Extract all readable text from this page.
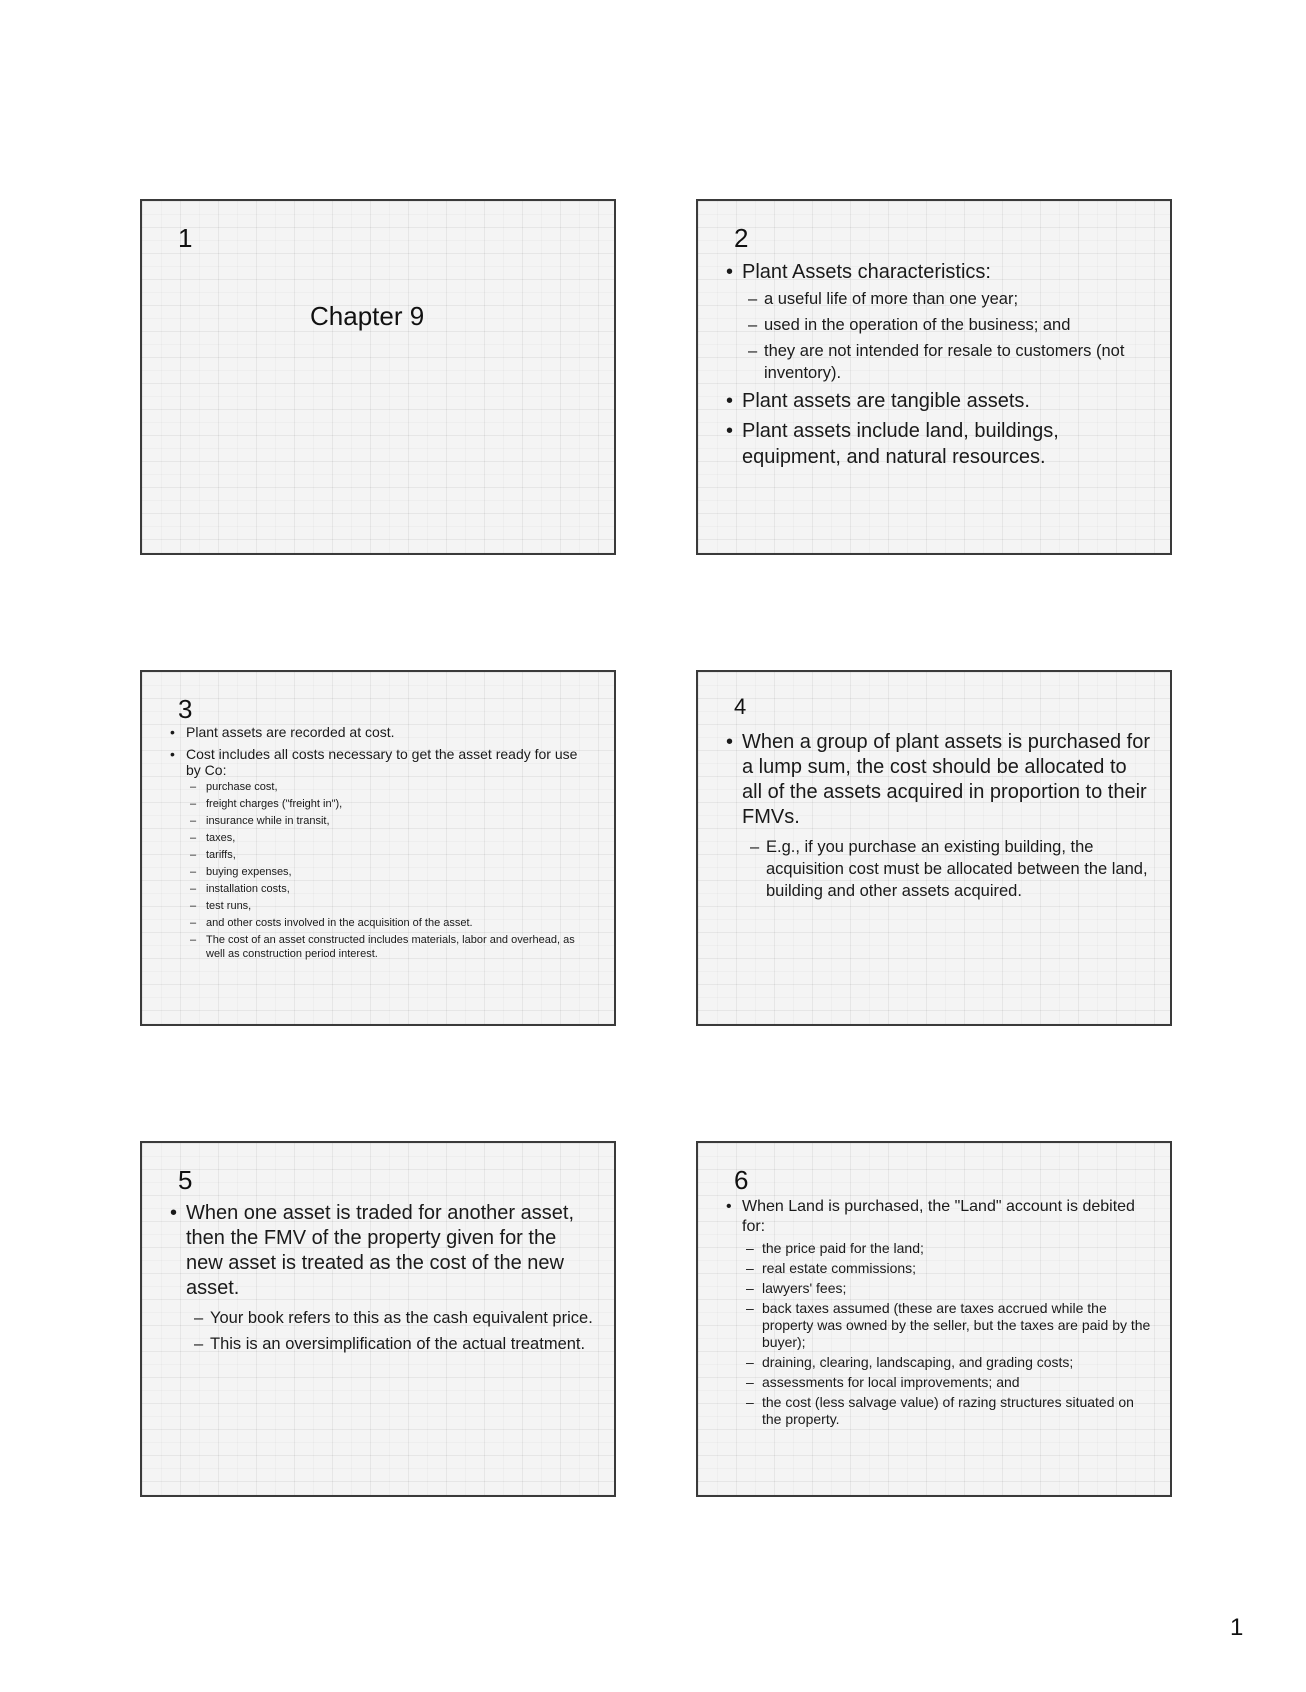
1
Chapter 9
2
• Plant Assets characteristics:
– a useful life of more than one year;
– used in the operation of the business; and
– they are not intended for resale to customers (not inventory).
• Plant assets are tangible assets.
• Plant assets include land, buildings, equipment, and natural resources.
3
• Plant assets are recorded at cost.
• Cost includes all costs necessary to get the asset ready for use by Co:
– purchase cost,
– freight charges ("freight in"),
– insurance while in transit,
– taxes,
– tariffs,
– buying expenses,
– installation costs,
– test runs,
– and other costs involved in the acquisition of the asset.
– The cost of an asset constructed includes materials, labor and overhead, as well as construction period interest.
4
• When a group of plant assets is purchased for a lump sum, the cost should be allocated to all of the assets acquired in proportion to their FMVs.
– E.g., if you purchase an existing building, the acquisition cost must be allocated between the land, building and other assets acquired.
5
• When one asset is traded for another asset, then the FMV of the property given for the new asset is treated as the cost of the new asset.
– Your book refers to this as the cash equivalent price.
– This is an oversimplification of the actual treatment.
6
• When Land is purchased, the "Land" account is debited for:
– the price paid for the land;
– real estate commissions;
– lawyers' fees;
– back taxes assumed (these are taxes accrued while the property was owned by the seller, but the taxes are paid by the buyer);
– draining, clearing, landscaping, and grading costs;
– assessments for local improvements; and
– the cost (less salvage value) of razing structures situated on the property.
1
